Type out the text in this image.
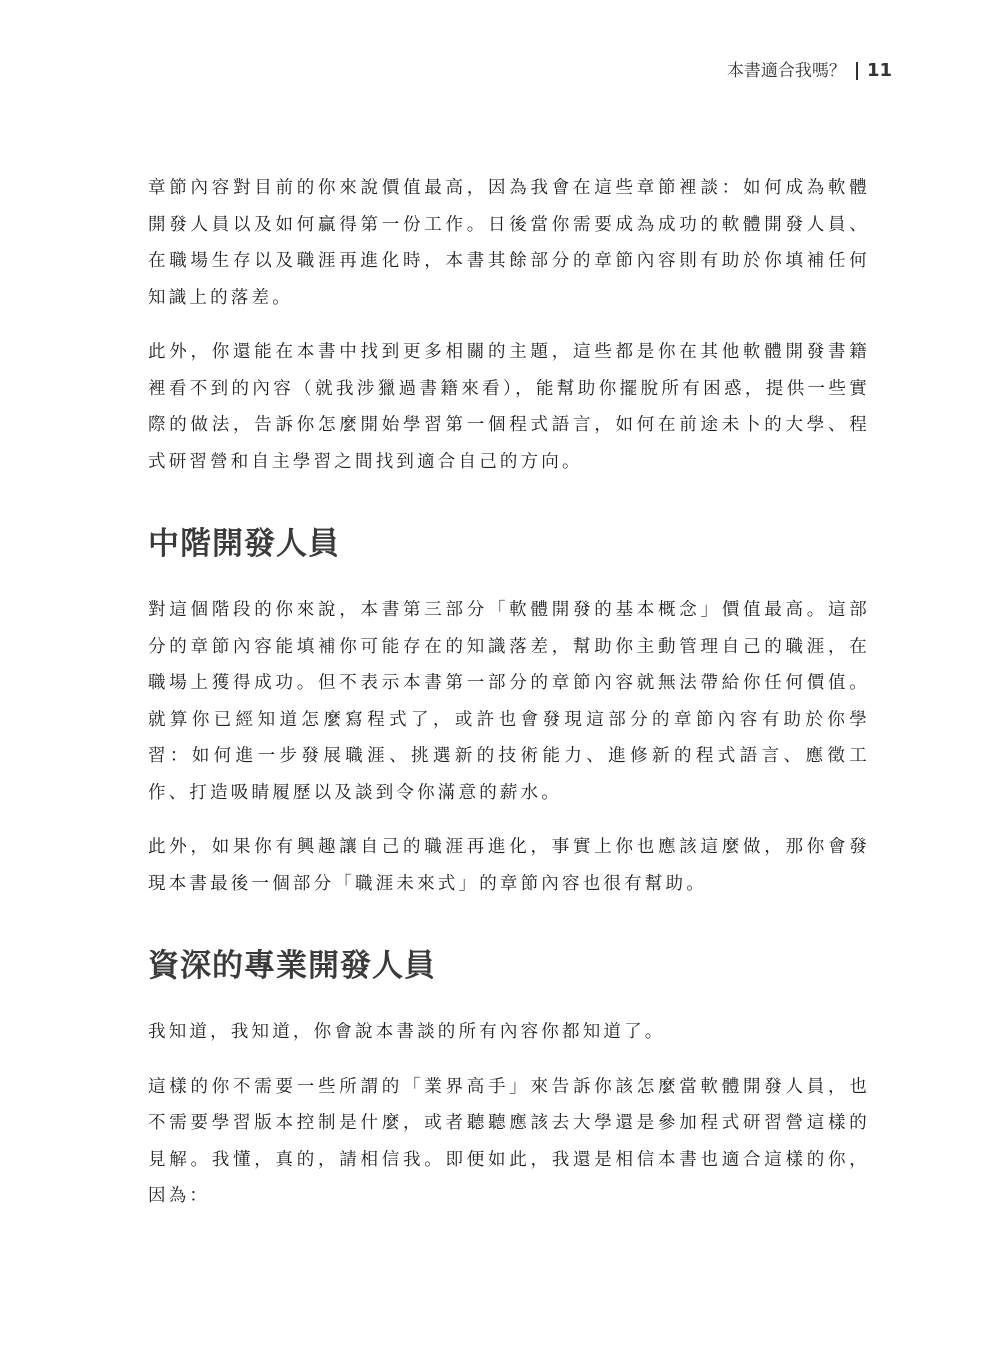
本書適合我嗎？ 11

章節內容對目前的你來說價值最高，因為我會在這些章節裡談：如何成為軟體開發人員以及如何贏得第一份工作。日後當你需要成為成功的軟體開發人員、在職場生存以及職涯再進化時，本書其餘部分的章節內容則有助於你填補任何知識上的落差。

此外，你還能在本書中找到更多相關的主題，這些都是你在其他軟體開發書籍裡看不到的內容（就我涉獵過書籍來看），能幫助你擺脫所有困惑，提供一些實際的做法，告訴你怎麼開始學習第一個程式語言，如何在前途未卜的大學、程式研習營和自主學習之間找到適合自己的方向。

中階開發人員

對這個階段的你來說，本書第三部分「軟體開發的基本概念」價值最高。這部分的章節內容能填補你可能存在的知識落差，幫助你主動管理自己的職涯，在職場上獲得成功。但不表示本書第一部分的章節內容就無法帶給你任何價值。就算你已經知道怎麼寫程式了，或許也會發現這部分的章節內容有助於你學習：如何進一步發展職涯、挑選新的技術能力、進修新的程式語言、應徵工作、打造吸睛履歷以及談到令你滿意的薪水。

此外，如果你有興趣讓自己的職涯再進化，事實上你也應該這麼做，那你會發現本書最後一個部分「職涯未來式」的章節內容也很有幫助。

資深的專業開發人員

我知道，我知道，你會說本書談的所有內容你都知道了。

這樣的你不需要一些所謂的「業界高手」來告訴你該怎麼當軟體開發人員，也不需要學習版本控制是什麼，或者聽聽應該去大學還是參加程式研習營這樣的見解。我懂，真的，請相信我。即便如此，我還是相信本書也適合這樣的你，因為：
